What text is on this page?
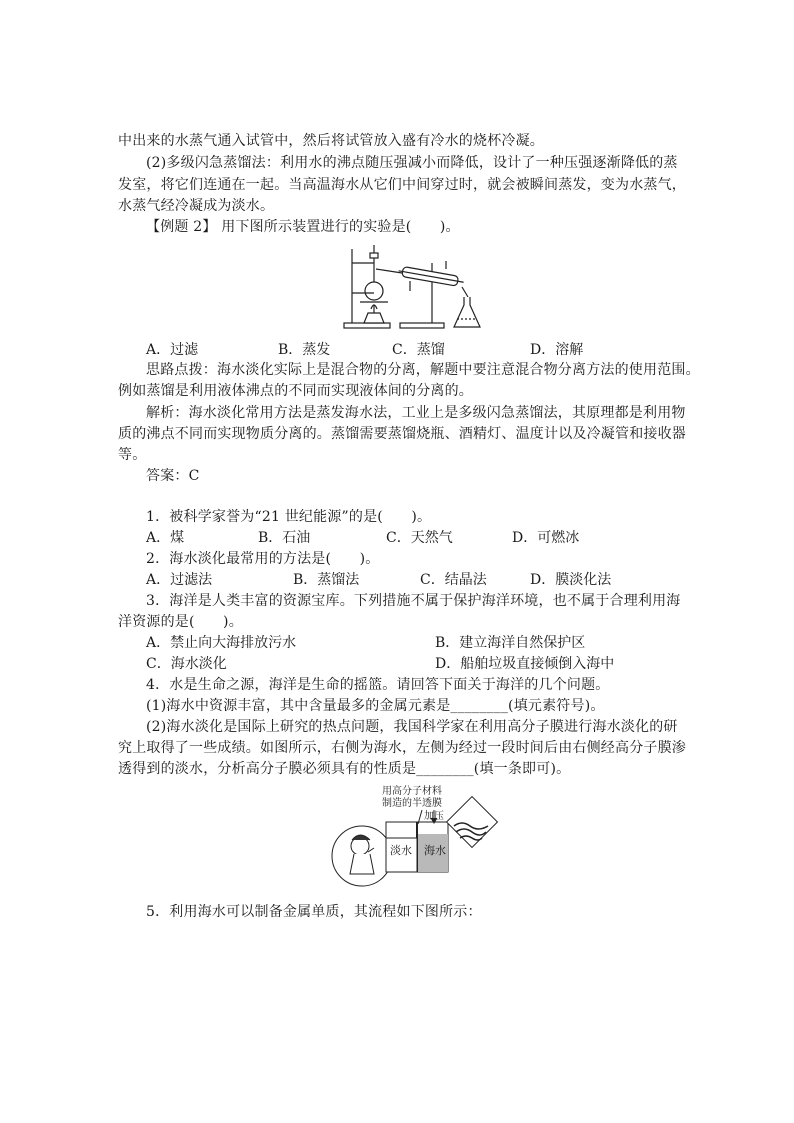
中出来的水蒸气通入试管中，然后将试管放入盛有冷水的烧杯冷凝。
(2)多级闪急蒸馏法：利用水的沸点随压强减小而降低，设计了一种压强逐渐降低的蒸
发室，将它们连通在一起。当高温海水从它们中间穿过时，就会被瞬间蒸发，变为水蒸气，
水蒸气经冷凝成为淡水。
【例题 2】 用下图所示装置进行的实验是(　　)。
A．过滤	B．蒸发	C．蒸馏	D．溶解
思路点拨：海水淡化实际上是混合物的分离，解题中要注意混合物分离方法的使用范围。
例如蒸馏是利用液体沸点的不同而实现液体间的分离的。
解析：海水淡化常用方法是蒸发海水法，工业上是多级闪急蒸馏法，其原理都是利用物
质的沸点不同而实现物质分离的。蒸馏需要蒸馏烧瓶、酒精灯、温度计以及冷凝管和接收器
等。
答案：C
1．被科学家誉为“21 世纪能源”的是(　　)。
A．煤	B．石油	C．天然气	D．可燃冰
2．海水淡化最常用的方法是(　　)。
A．过滤法	B．蒸馏法	C．结晶法	D．膜淡化法
3．海洋是人类丰富的资源宝库。下列措施不属于保护海洋环境，也不属于合理利用海
洋资源的是(　　)。
A．禁止向大海排放污水	B．建立海洋自然保护区
C．海水淡化	D．船舶垃圾直接倾倒入海中
4．水是生命之源，海洋是生命的摇篮。请回答下面关于海洋的几个问题。
(1)海水中资源丰富，其中含量最多的金属元素是________(填元素符号)。
(2)海水淡化是国际上研究的热点问题，我国科学家在利用高分子膜进行海水淡化的研
究上取得了一些成绩。如图所示，右侧为海水，左侧为经过一段时间后由右侧经高分子膜渗
透得到的淡水，分析高分子膜必须具有的性质是________(填一条即可)。
用高分子材料
制造的半透膜
加压
淡水 海水
5．利用海水可以制备金属单质，其流程如下图所示：
